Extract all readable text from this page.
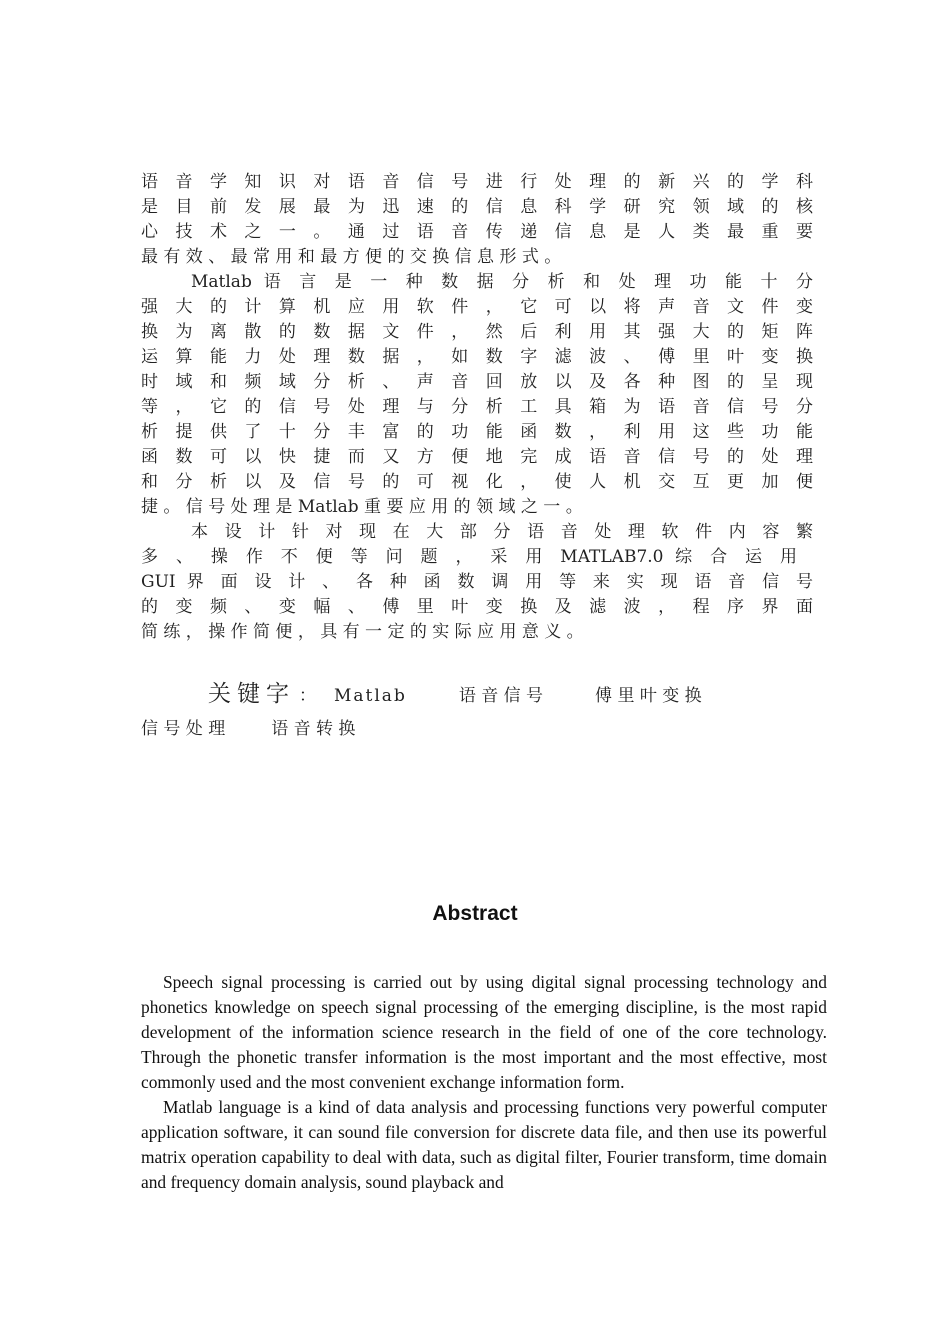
语 音 学 知 识 对 语 音 信 号 进 行 处 理 的 新 兴 的 学 科
是 目 前 发 展 最 为 迅 速 的 信 息 科 学 研 究 领 域 的 核
心 技 术 之 一 。 通 过 语 音 传 递 信 息 是 人 类 最 重 要
最 有 效 、 最 常 用 和 最 方 便 的 交 换 信 息 形 式 。
Matlab 语 言 是 一 种 数 据 分 析 和 处 理 功 能 十 分
强 大 的 计 算 机 应 用 软 件 ， 它 可 以 将 声 音 文 件 变
换 为 离 散 的 数 据 文 件 ， 然 后 利 用 其 强 大 的 矩 阵
运 算 能 力 处 理 数 据 ， 如 数 字 滤 波 、 傅 里 叶 变 换
时 域 和 频 域 分 析 、 声 音 回 放 以 及 各 种 图 的 呈 现
等 ， 它 的 信 号 处 理 与 分 析 工 具 箱 为 语 音 信 号 分
析 提 供 了 十 分 丰 富 的 功 能 函 数 ， 利 用 这 些 功 能
函 数 可 以 快 捷 而 又 方 便 地 完 成 语 音 信 号 的 处 理
和 分 析 以 及 信 号 的 可 视 化 ， 使 人 机 交 互 更 加 便
捷 。 信 号 处 理 是 Matlab 重 要 应 用 的 领 域 之 一 。
本 设 计 针 对 现 在 大 部 分 语 音 处 理 软 件 内 容 繁
多 、 操 作 不 便 等 问 题 ， 采 用 MATLAB7.0 综 合 运 用
GUI 界 面 设 计 、 各 种 函 数 调 用 等 来 实 现 语 音 信 号
的 变 频 、 变 幅 、 傅 里 叶 变 换 及 滤 波 ， 程 序 界 面
简 练 ， 操 作 简 便 ， 具 有 一 定 的 实 际 应 用 意 义 。
关键字 ： Matlab	语 音 信 号	傅 里 叶 变 换
信 号 处 理	语 音 转 换
Abstract

Speech signal processing is carried out by using digital signal processing technology and phonetics knowledge on speech signal processing of the emerging discipline, is the most rapid development of the information science research in the field of one of the core technology. Through the phonetic transfer information is the most important and the most effective, most commonly used and the most convenient exchange information form.

Matlab language is a kind of data analysis and processing functions very powerful computer application software, it can sound file conversion for discrete data file, and then use its powerful matrix operation capability to deal with data, such as digital filter, Fourier transform, time domain and frequency domain analysis, sound playback and
